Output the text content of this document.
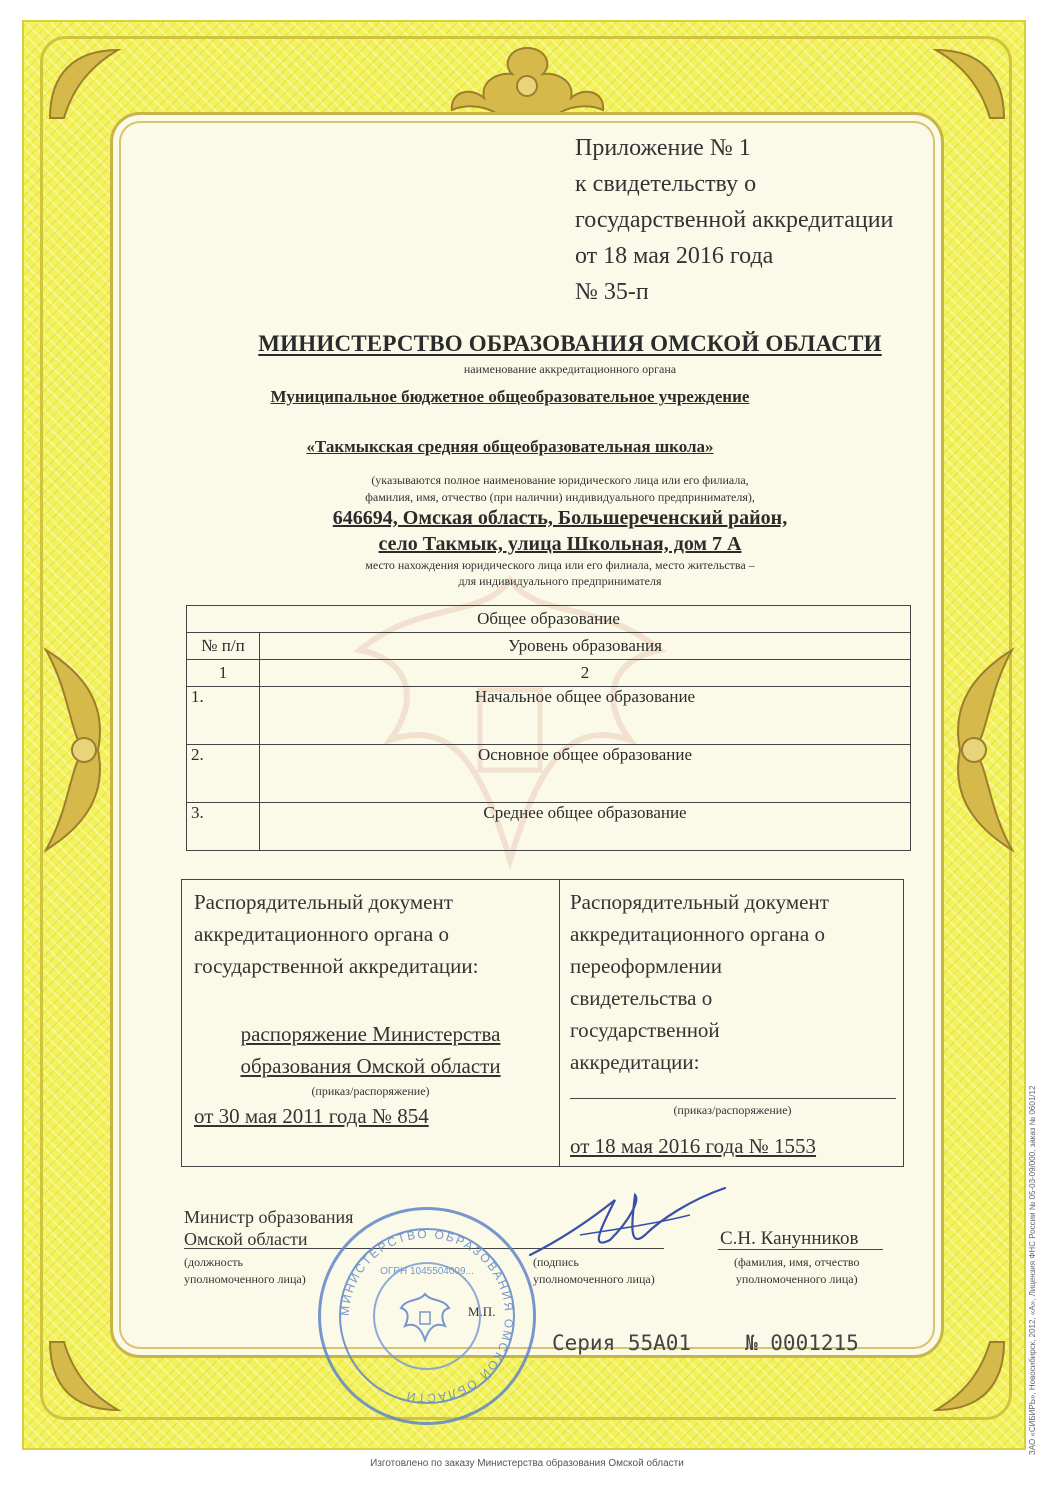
Приложение № 1
к свидетельству о
государственной аккредитации
от 18 мая 2016 года
№ 35-п
МИНИСТЕРСТВО ОБРАЗОВАНИЯ ОМСКОЙ ОБЛАСТИ
наименование аккредитационного органа
Муниципальное бюджетное общеобразовательное учреждение
«Такмыкская средняя общеобразовательная школа»
(указываются полное наименование юридического лица или его филиала,
фамилия, имя, отчество (при наличии) индивидуального предпринимателя),
646694, Омская область, Большереченский район,
село Такмык, улица Школьная, дом 7 А
место нахождения юридического лица или его филиала, место жительства –
для индивидуального предпринимателя
Общее образование	
№ п/п	Уровень образования
1	2
1.	Начальное общее образование
2.	Основное общее образование
3.	Среднее общее образование
Распорядительный документ
аккредитационного органа о
государственной аккредитации:
распоряжение Министерства
образования Омской области
(приказ/распоряжение)
от 30 мая 2011 года № 854
Распорядительный документ
аккредитационного органа о
переоформлении
свидетельства о
государственной
аккредитации:
(приказ/распоряжение)
от 18 мая 2016 года № 1553
Министр образования
Омской области
(должность
уполномоченного лица)
(подпись
уполномоченного лица)
С.Н. Канунников
(фамилия, имя, отчество
уполномоченного лица)
М.П.
МИНИСТЕРСТВО ОБРАЗОВАНИЯ ОМСКОЙ ОБЛАСТИ
ОГРН 1045504009...
Серия 55А01	№ 0001215
Изготовлено по заказу Министерства образования Омской области
ЗАО «СИБИРЬ», Новосибирск, 2012, «А», Лицензия ФНС России № 05-03-09/000, заказ № 0601/12
